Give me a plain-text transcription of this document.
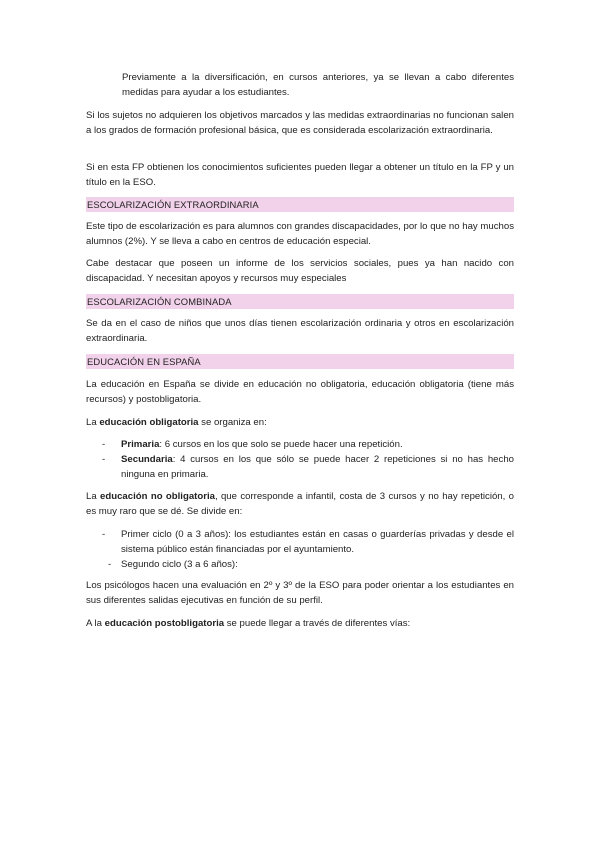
Previamente a la diversificación, en cursos anteriores, ya se llevan a cabo diferentes medidas para ayudar a los estudiantes.

Si los sujetos no adquieren los objetivos marcados y las medidas extraordinarias no funcionan salen a los grados de formación profesional básica, que es considerada escolarización extraordinaria.

Si en esta FP obtienen los conocimientos suficientes pueden llegar a obtener un título en la FP y un título en la ESO.

ESCOLARIZACIÓN EXTRAORDINARIA

Este tipo de escolarización es para alumnos con grandes discapacidades, por lo que no hay muchos alumnos (2%). Y se lleva a cabo en centros de educación especial.

Cabe destacar que poseen un informe de los servicios sociales, pues ya han nacido con discapacidad. Y necesitan apoyos y recursos muy especiales

ESCOLARIZACIÓN COMBINADA

Se da en el caso de niños que unos días tienen escolarización ordinaria y otros en escolarización extraordinaria.

EDUCACIÓN EN ESPAÑA

La educación en España se divide en educación no obligatoria, educación obligatoria (tiene más recursos) y postobligatoria.

La educación obligatoria se organiza en:

- Primaria: 6 cursos en los que solo se puede hacer una repetición.
- Secundaria: 4 cursos en los que sólo se puede hacer 2 repeticiones si no has hecho ninguna en primaria.

La educación no obligatoria, que corresponde a infantil, costa de 3 cursos y no hay repetición, o es muy raro que se dé. Se divide en:

- Primer ciclo (0 a 3 años): los estudiantes están en casas o guarderías privadas y desde el sistema público están financiadas por el ayuntamiento.
- Segundo ciclo (3 a 6 años):

Los psicólogos hacen una evaluación en 2º y 3º de la ESO para poder orientar a los estudiantes en sus diferentes salidas ejecutivas en función de su perfil.

A la educación postobligatoria se puede llegar a través de diferentes vías:
